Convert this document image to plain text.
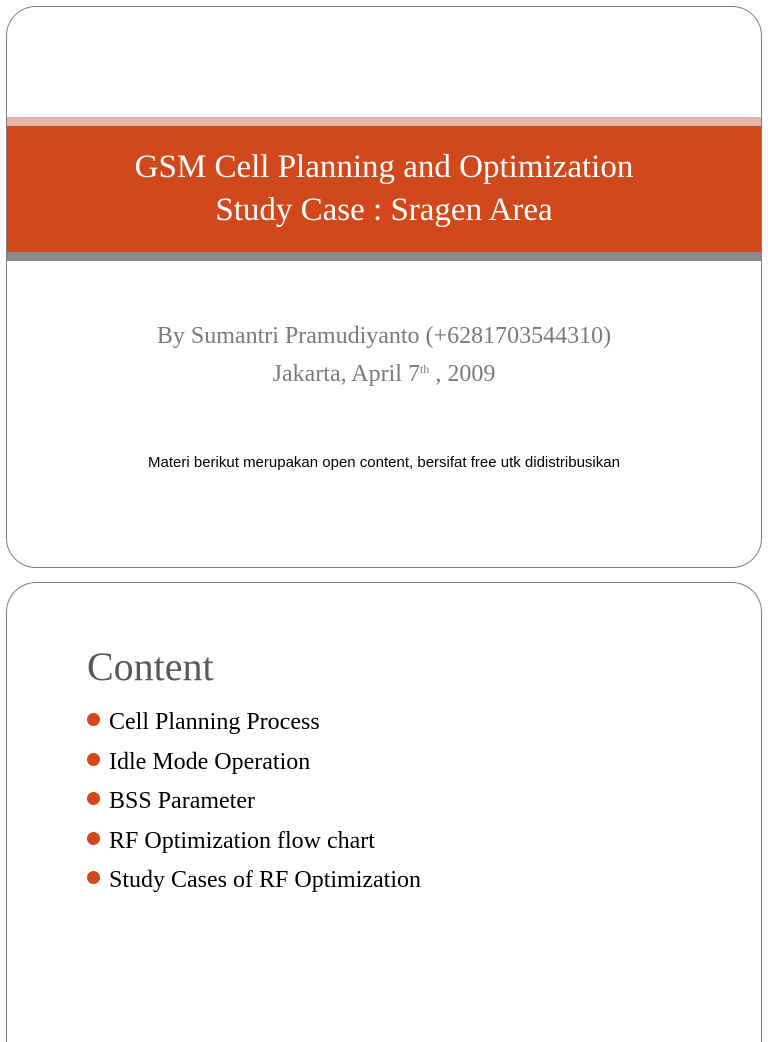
GSM Cell Planning and Optimization
Study Case : Sragen Area
By Sumantri Pramudiyanto (+6281703544310)
Jakarta, April 7th , 2009
Materi berikut merupakan open content, bersifat free utk didistribusikan
Content
Cell Planning Process
Idle Mode Operation
BSS Parameter
RF Optimization flow chart
Study Cases of RF Optimization
